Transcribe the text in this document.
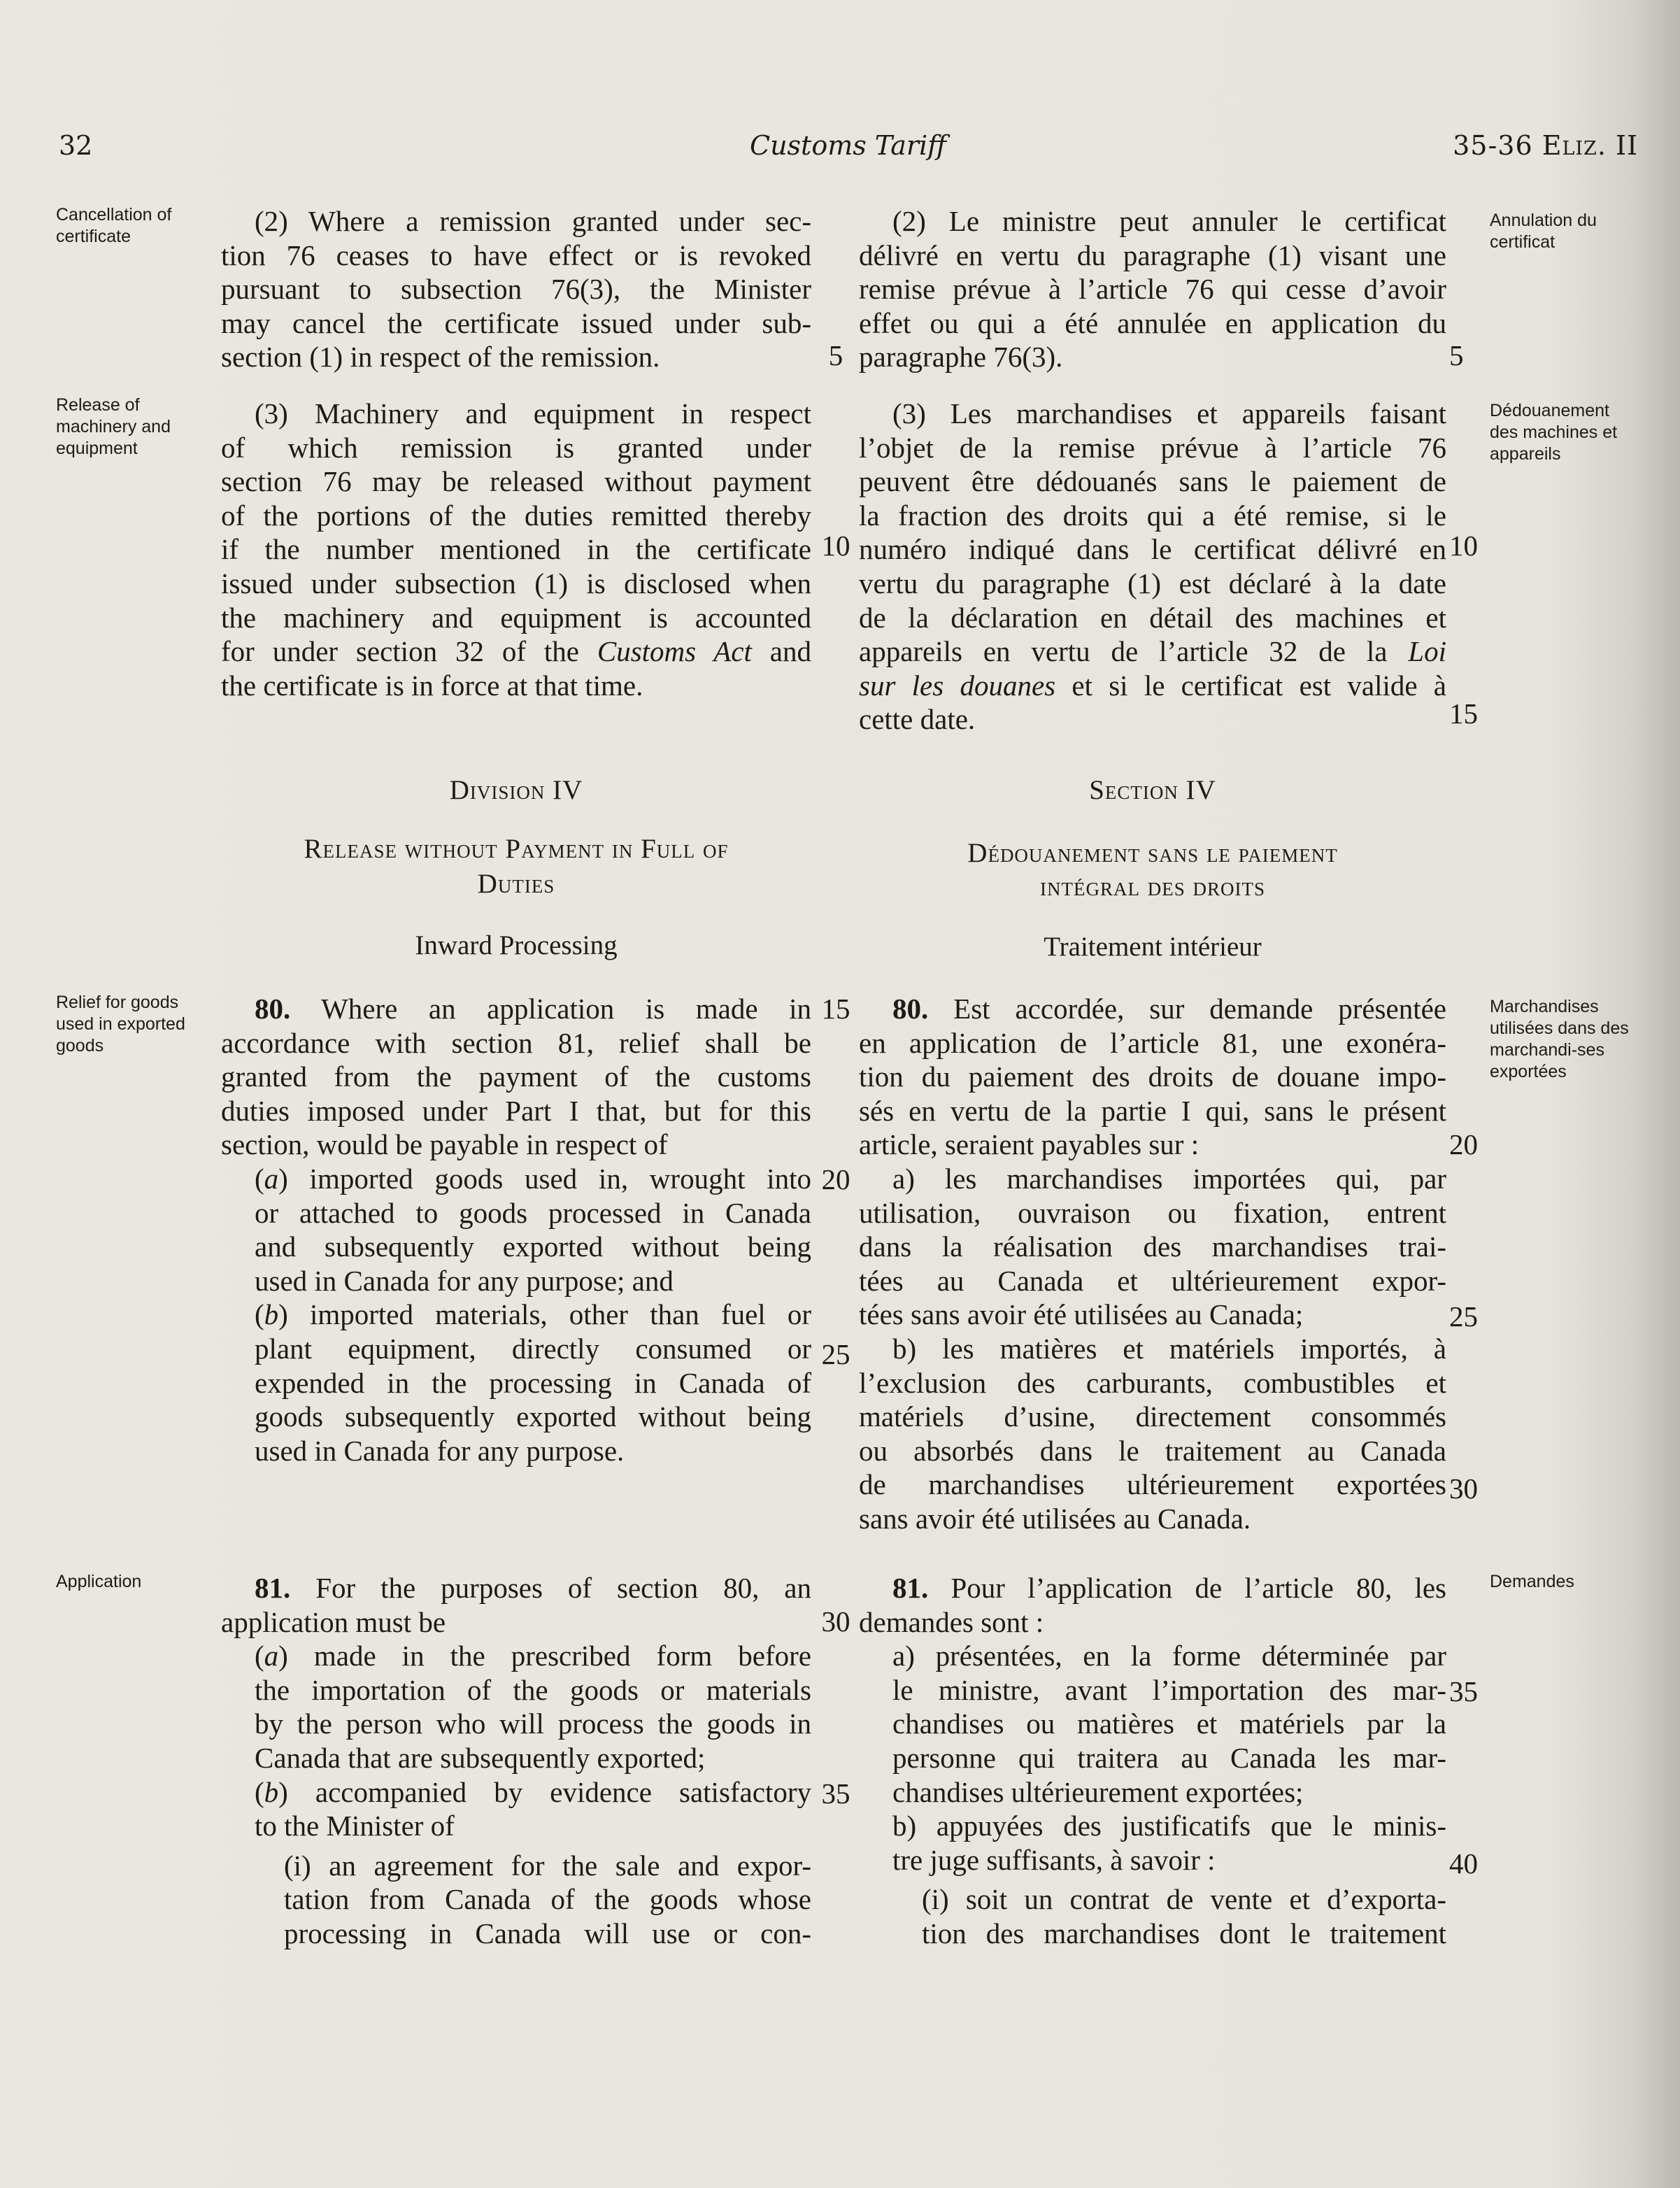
32	Customs Tariff	35-36 Eliz. II
Cancellation of certificate
Release of machinery and equipment
Relief for goods used in exported goods
Application
Annulation du certificat
Dédouanement des machines et appareils
Marchandises utilisées dans des marchandi-ses exportées
Demandes
(2) Where a remission granted under sec-
tion 76 ceases to have effect or is revoked
pursuant to subsection 76(3), the Minister
may cancel the certificate issued under sub-
section (1) in respect of the remission.
(3) Machinery and equipment in respect
of which remission is granted under
section 76 may be released without payment
of the portions of the duties remitted thereby
if the number mentioned in the certificate
issued under subsection (1) is disclosed when
the machinery and equipment is accounted
for under section 32 of the Customs Act and
the certificate is in force at that time.
(2) Le ministre peut annuler le certificat
délivré en vertu du paragraphe (1) visant une
remise prévue à l’article 76 qui cesse d’avoir
effet ou qui a été annulée en application du
paragraphe 76(3).
(3) Les marchandises et appareils faisant
l’objet de la remise prévue à l’article 76
peuvent être dédouanés sans le paiement de
la fraction des droits qui a été remise, si le
numéro indiqué dans le certificat délivré en
vertu du paragraphe (1) est déclaré à la date
de la déclaration en détail des machines et
appareils en vertu de l’article 32 de la Loi
sur les douanes et si le certificat est valide à
cette date.
Division IV
Release without Payment in Full of
Duties
Inward Processing
Section IV
Dédouanement sans le paiement
intégral des droits
Traitement intérieur
80. Where an application is made in
accordance with section 81, relief shall be
granted from the payment of the customs
duties imposed under Part I that, but for this
section, would be payable in respect of
(a) imported goods used in, wrought into
or attached to goods processed in Canada
and subsequently exported without being
used in Canada for any purpose; and
(b) imported materials, other than fuel or
plant equipment, directly consumed or
expended in the processing in Canada of
goods subsequently exported without being
used in Canada for any purpose.
80. Est accordée, sur demande présentée
en application de l’article 81, une exonéra-
tion du paiement des droits de douane impo-
sés en vertu de la partie I qui, sans le présent
article, seraient payables sur :
a) les marchandises importées qui, par
utilisation, ouvraison ou fixation, entrent
dans la réalisation des marchandises trai-
tées au Canada et ultérieurement expor-
tées sans avoir été utilisées au Canada;
b) les matières et matériels importés, à
l’exclusion des carburants, combustibles et
matériels d’usine, directement consommés
ou absorbés dans le traitement au Canada
de marchandises ultérieurement exportées
sans avoir été utilisées au Canada.
81. For the purposes of section 80, an
application must be
(a) made in the prescribed form before
the importation of the goods or materials
by the person who will process the goods in
Canada that are subsequently exported;
(b) accompanied by evidence satisfactory
to the Minister of
(i) an agreement for the sale and expor-
tation from Canada of the goods whose
processing in Canada will use or con-
81. Pour l’application de l’article 80, les
demandes sont :
a) présentées, en la forme déterminée par
le ministre, avant l’importation des mar-
chandises ou matières et matériels par la
personne qui traitera au Canada les mar-
chandises ultérieurement exportées;
b) appuyées des justificatifs que le minis-
tre juge suffisants, à savoir :
(i) soit un contrat de vente et d’exporta-
tion des marchandises dont le traitement
5
10
15
20
25
30
35
5
10
15
20
25
30
35
40
